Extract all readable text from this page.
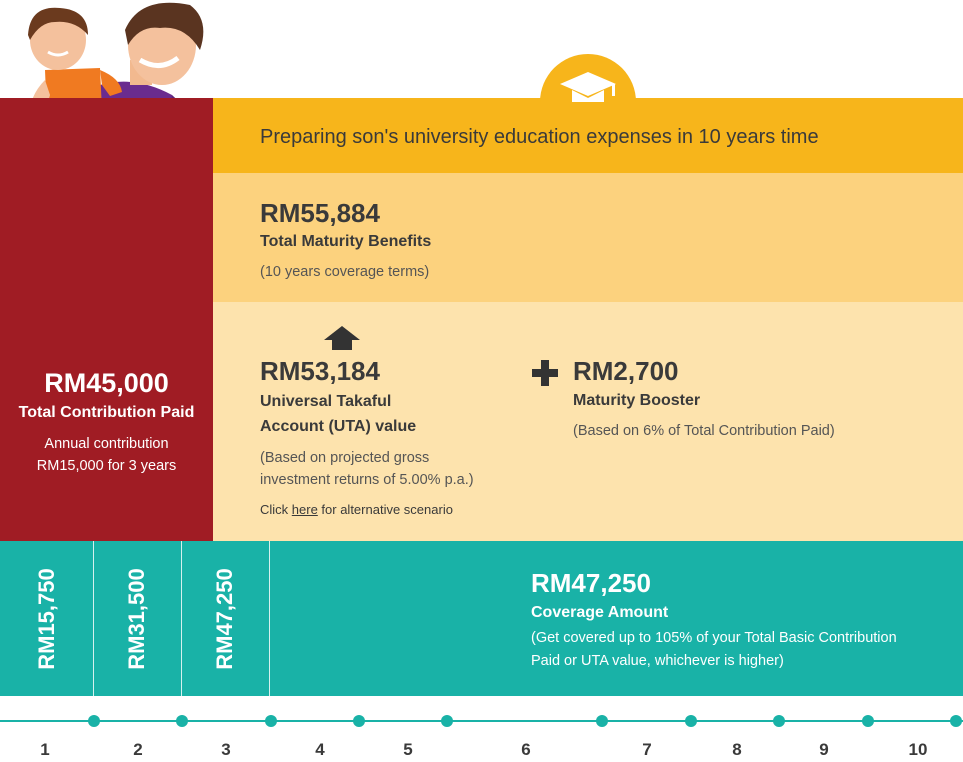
RM45,000
Total Contribution Paid
Annual contribution
RM15,000 for 3 years
Preparing son's university education expenses in 10 years time
RM55,884
Total Maturity Benefits
(10 years coverage terms)
RM53,184
Universal Takaful
Account (UTA) value
(Based on projected gross
investment returns of 5.00% p.a.)
Click here for alternative scenario
RM2,700
Maturity Booster
(Based on 6% of Total Contribution Paid)
RM15,750	RM31,500	RM47,250	RM47,250
Coverage Amount
(Get covered up to 105% of your Total Basic Contribution
Paid or UTA value, whichever is higher)
1	2	3	4	5	6	7	8	9	10
